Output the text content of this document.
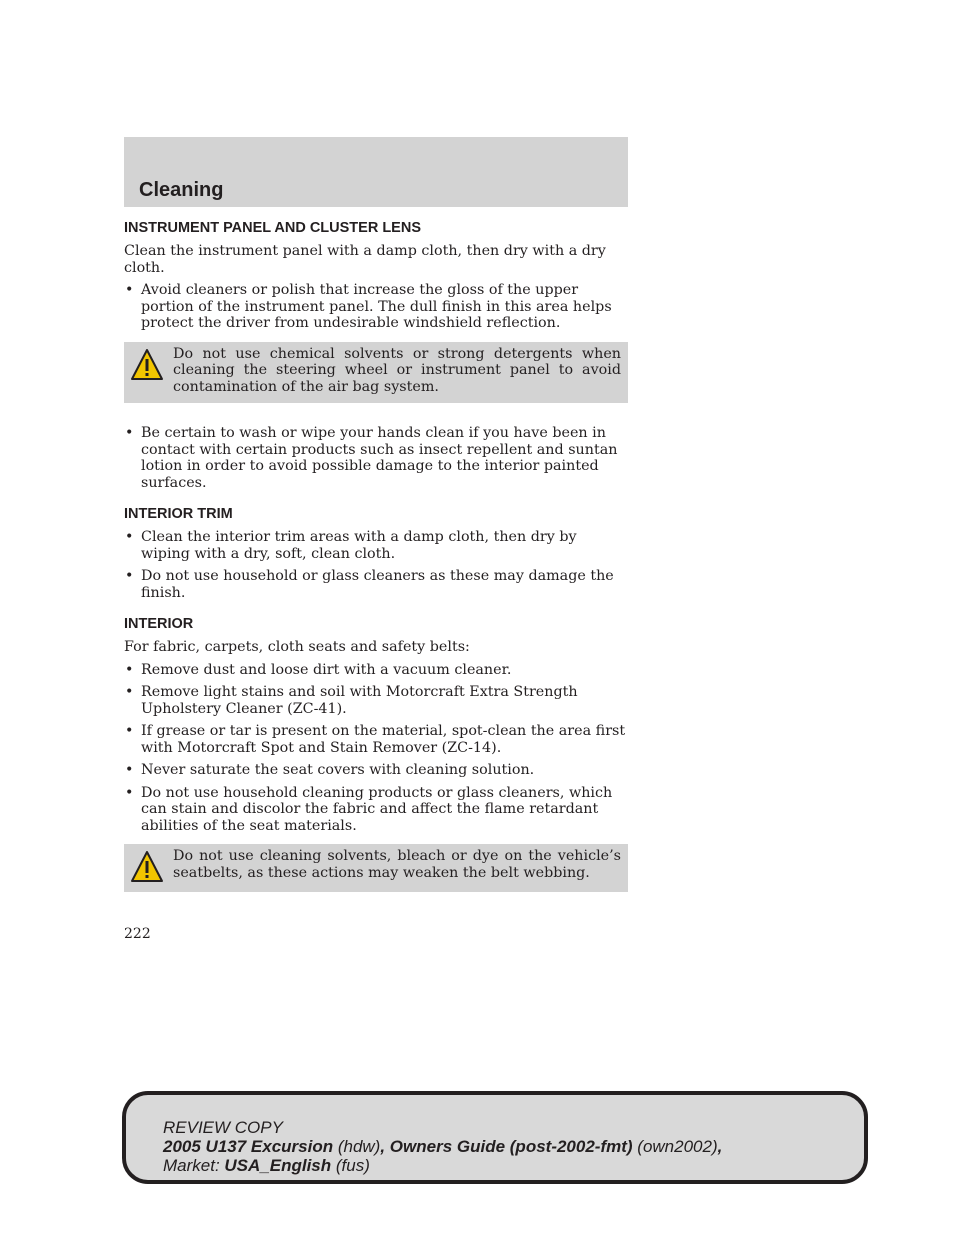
Cleaning
INSTRUMENT PANEL AND CLUSTER LENS

Clean the instrument panel with a damp cloth, then dry with a dry cloth.

• Avoid cleaners or polish that increase the gloss of the upper portion of the instrument panel. The dull finish in this area helps protect the driver from undesirable windshield reflection.
Do not use chemical solvents or strong detergents when cleaning the steering wheel or instrument panel to avoid contamination of the air bag system.
• Be certain to wash or wipe your hands clean if you have been in contact with certain products such as insect repellent and suntan lotion in order to avoid possible damage to the interior painted surfaces.
INTERIOR TRIM
• Clean the interior trim areas with a damp cloth, then dry by wiping with a dry, soft, clean cloth.
• Do not use household or glass cleaners as these may damage the finish.
INTERIOR

For fabric, carpets, cloth seats and safety belts:

• Remove dust and loose dirt with a vacuum cleaner.
• Remove light stains and soil with Motorcraft Extra Strength Upholstery Cleaner (ZC-41).
• If grease or tar is present on the material, spot-clean the area first with Motorcraft Spot and Stain Remover (ZC-14).
• Never saturate the seat covers with cleaning solution.
• Do not use household cleaning products or glass cleaners, which can stain and discolor the fabric and affect the flame retardant abilities of the seat materials.
Do not use cleaning solvents, bleach or dye on the vehicle’s seatbelts, as these actions may weaken the belt webbing.
222
REVIEW COPY
2005 U137 Excursion (hdw), Owners Guide (post-2002-fmt) (own2002),
Market: USA_English (fus)
